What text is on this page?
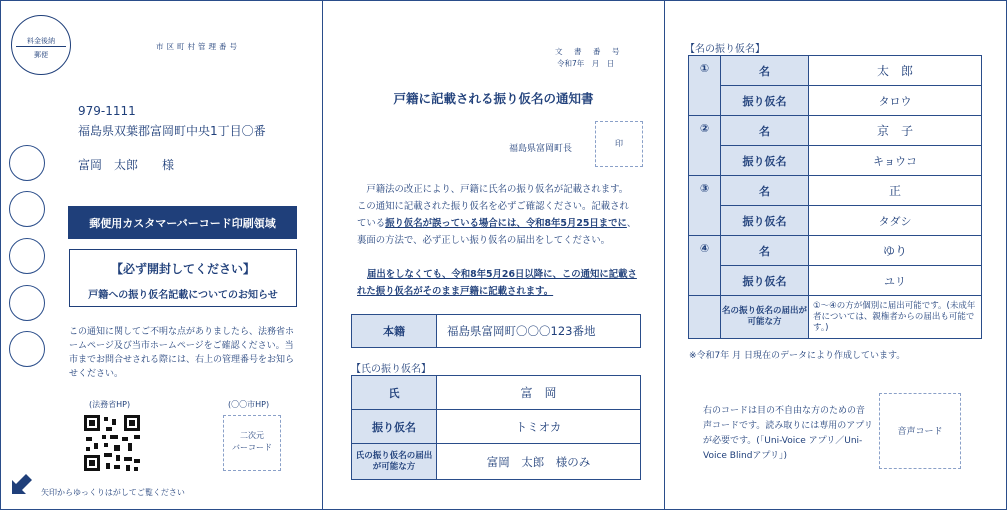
料金後納
郵便
市区町村管理番号
979-1111
福島県双葉郡富岡町中央1丁目〇番
富岡　太郎　　様
郵便用カスタマーバーコード印刷領域
【必ず開封してください】
戸籍への振り仮名記載についてのお知らせ
この通知に関してご不明な点がありましたら、法務省ホームページ及び当市ホームページをご確認ください。当市までお問合せされる際には、右上の管理番号をお知らせください。
(法務省HP)	(〇〇市HP)
二次元
バーコード
矢印からゆっくりはがしてご覧ください
文　書　番　号
令和7年　月　日
戸籍に記載される振り仮名の通知書
福島県富岡町長
印
　戸籍法の改正により、戸籍に氏名の振り仮名が記載されます。この通知に記載された振り仮名を必ずご確認ください。記載されている振り仮名が誤っている場合には、令和8年5月25日までに、裏面の方法で、必ず正しい振り仮名の届出をしてください。
届出をしなくても、令和8年5月26日以降に、この通知に記載された振り仮名がそのまま戸籍に記載されます。
本籍	福島県富岡町〇〇〇123番地
【氏の振り仮名】
氏	富　岡
振り仮名	トミオカ
氏の振り仮名の届出が可能な方	富岡　太郎　様のみ
【名の振り仮名】
①	名	太　郎
	振り仮名	タロウ
②	名	京　子
	振り仮名	キョウコ
③	名	正
	振り仮名	タダシ
④	名	ゆり
	振り仮名	ユリ
	名の振り仮名の届出が可能な方	①～④の方が個別に届出可能です。(未成年者については、親権者からの届出も可能です。)
※令和7年 月 日現在のデータにより作成しています。
右のコードは目の不自由な方のための音声コードです。読み取りには専用のアプリが必要です。(「Uni-Voice アプリ／Uni-Voice Blindアプリ」)
音声コード
